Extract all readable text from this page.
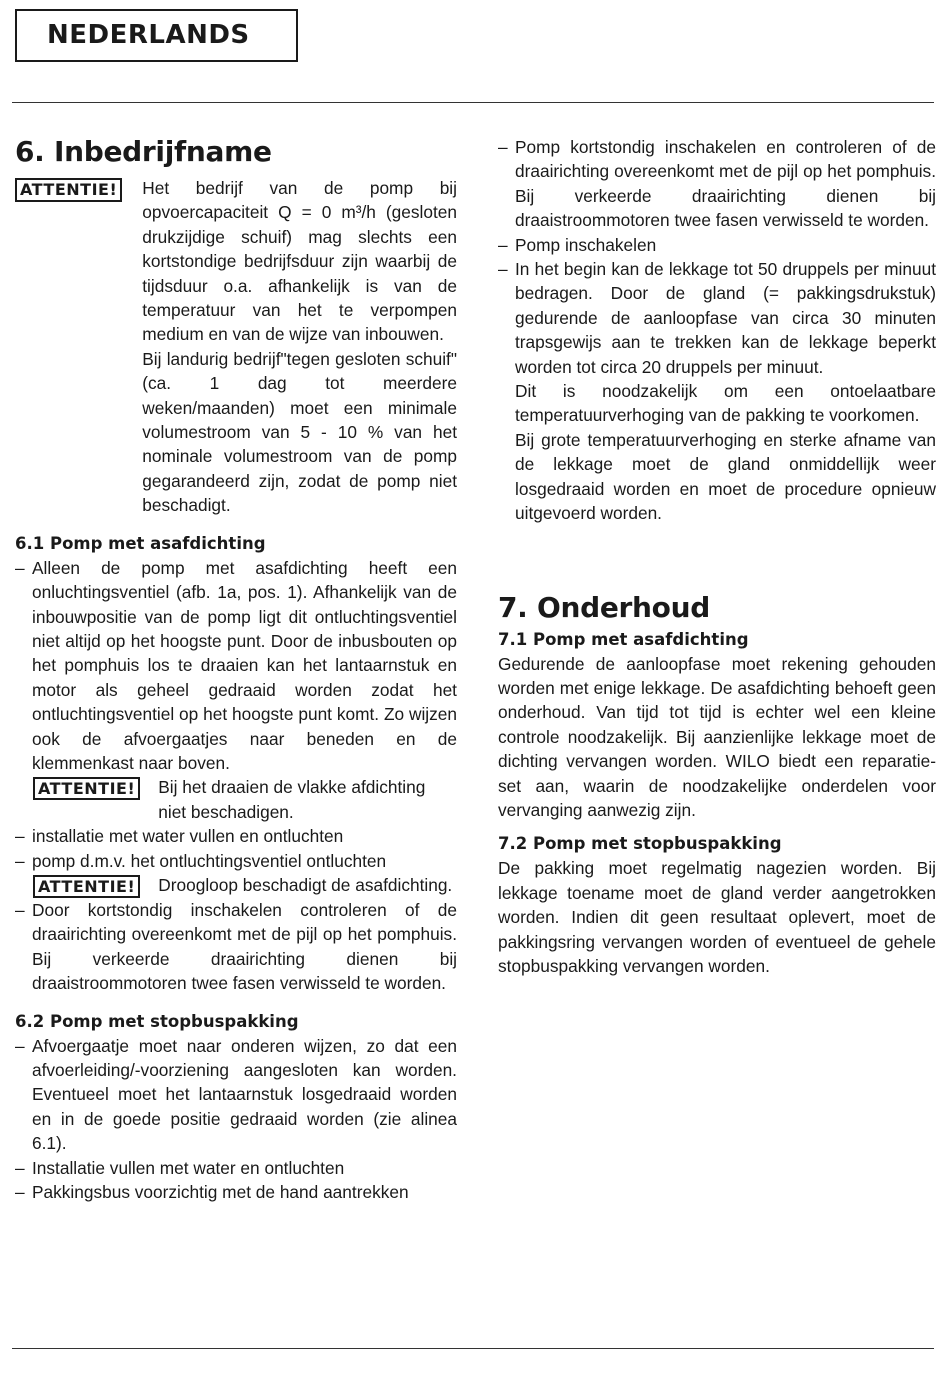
NEDERLANDS
6. Inbedrijfname
ATTENTIE! Het bedrijf van de pomp bij opvoercapaciteit Q = 0 m³/h (gesloten drukzijdige schuif) mag slechts een kortstondige bedrijfsduur zijn waarbij de tijdsduur o.a. afhankelijk is van de temperatuur van het te verpompen medium en van de wijze van inbouwen.

Bij landurig bedrijf"tegen gesloten schuif" (ca. 1 dag tot meerdere weken/maanden) moet een minimale volumestroom van 5 - 10 % van het nominale volumestroom van de pomp gegarandeerd zijn, zodat de pomp niet beschadigt.

6.1 Pomp met asafdichting
– Alleen de pomp met asafdichting heeft een onluchtingsventiel (afb. 1a, pos. 1). Afhankelijk van de inbouwpositie van de pomp ligt dit ontluchtingsventiel niet altijd op het hoogste punt. Door de inbusbouten op het pomphuis los te draaien kan het lantaarnstuk en motor als geheel gedraaid worden zodat het ontluchtingsventiel op het hoogste punt komt. Zo wijzen ook de afvoergaatjes naar beneden en de klemmenkast naar boven.
ATTENTIE! Bij het draaien de vlakke afdichting niet beschadigen.
– installatie met water vullen en ontluchten
– pomp d.m.v. het ontluchtingsventiel ontluchten
ATTENTIE! Droogloop beschadigt de asafdichting.
– Door kortstondig inschakelen controleren of de draairichting overeenkomt met de pijl op het pomphuis. Bij verkeerde draairichting dienen bij draaistroommotoren twee fasen verwisseld te worden.
6.2 Pomp met stopbuspakking
– Afvoergaatje moet naar onderen wijzen, zo dat een afvoerleiding/-voorziening aangesloten kan worden. Eventueel moet het lantaarnstuk losgedraaid worden en in de goede positie gedraaid worden (zie alinea 6.1).
– Installatie vullen met water en ontluchten
– Pakkingsbus voorzichtig met de hand aantrekken
– Pomp kortstondig inschakelen en controleren of de draairichting overeenkomt met de pijl op het pomphuis. Bij verkeerde draairichting dienen bij draaistroommotoren twee fasen verwisseld te worden.
– Pomp inschakelen

– In het begin kan de lekkage tot 50 druppels per minuut bedragen. Door de gland (= pakkingsdrukstuk) gedurende de aanloopfase van circa 30 minuten trapsgewijs aan te trekken kan de lekkage beperkt worden tot circa 20 druppels per minuut.

Dit is noodzakelijk om een ontoelaatbare temperatuurverhoging van de pakking te voorkomen.

Bij grote temperatuurverhoging en sterke afname van de lekkage moet de gland onmiddellijk weer losgedraaid worden en moet de procedure opnieuw uitgevoerd worden.

7. Onderhoud
7.1 Pomp met asafdichting

Gedurende de aanloopfase moet rekening gehouden worden met enige lekkage. De asafdichting behoeft geen onderhoud. Van tijd tot tijd is echter wel een kleine controle noodzakelijk. Bij aanzienlijke lekkage moet de dichting vervangen worden. WILO biedt een reparatie-set aan, waarin de noodzakelijke onderdelen voor vervanging aanwezig zijn.

7.2 Pomp met stopbuspakking

De pakking moet regelmatig nagezien worden. Bij lekkage toename moet de gland verder aangetrokken worden. Indien dit geen resultaat oplevert, moet de pakkingsring vervangen worden of eventueel de gehele stopbuspakking vervangen worden.
